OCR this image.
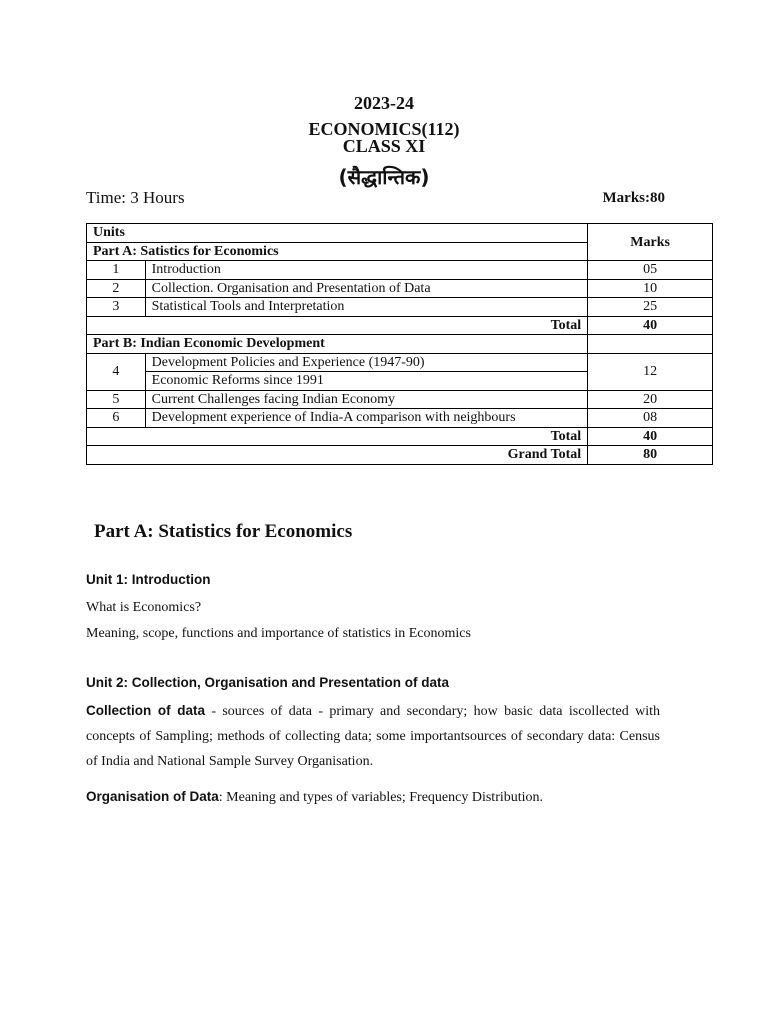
2023-24
ECONOMICS(112)
CLASS XI
(सैद्धान्तिक)
Time: 3 Hours	Marks:80
Units		Marks
Part A: Satistics for Economics		
1	Introduction	05
2	Collection. Organisation and Presentation of Data	10
3	Statistical Tools and Interpretation	25
Total		40
Part B: Indian Economic Development		
4	Development Policies and Experience (1947-90)	12
	Economic Reforms since 1991	
5	Current Challenges facing Indian Economy	20
6	Development experience of India-A comparison with neighbours	08
Total		40
Grand Total		80
Part A: Statistics for Economics
Unit 1: Introduction
What is Economics?
Meaning, scope, functions and importance of statistics in Economics
Unit 2: Collection, Organisation and Presentation of data
Collection of data - sources of data - primary and secondary; how basic data iscollected with concepts of Sampling; methods of collecting data; some importantsources of secondary data: Census of India and National Sample Survey Organisation.
Organisation of Data: Meaning and types of variables; Frequency Distribution.
